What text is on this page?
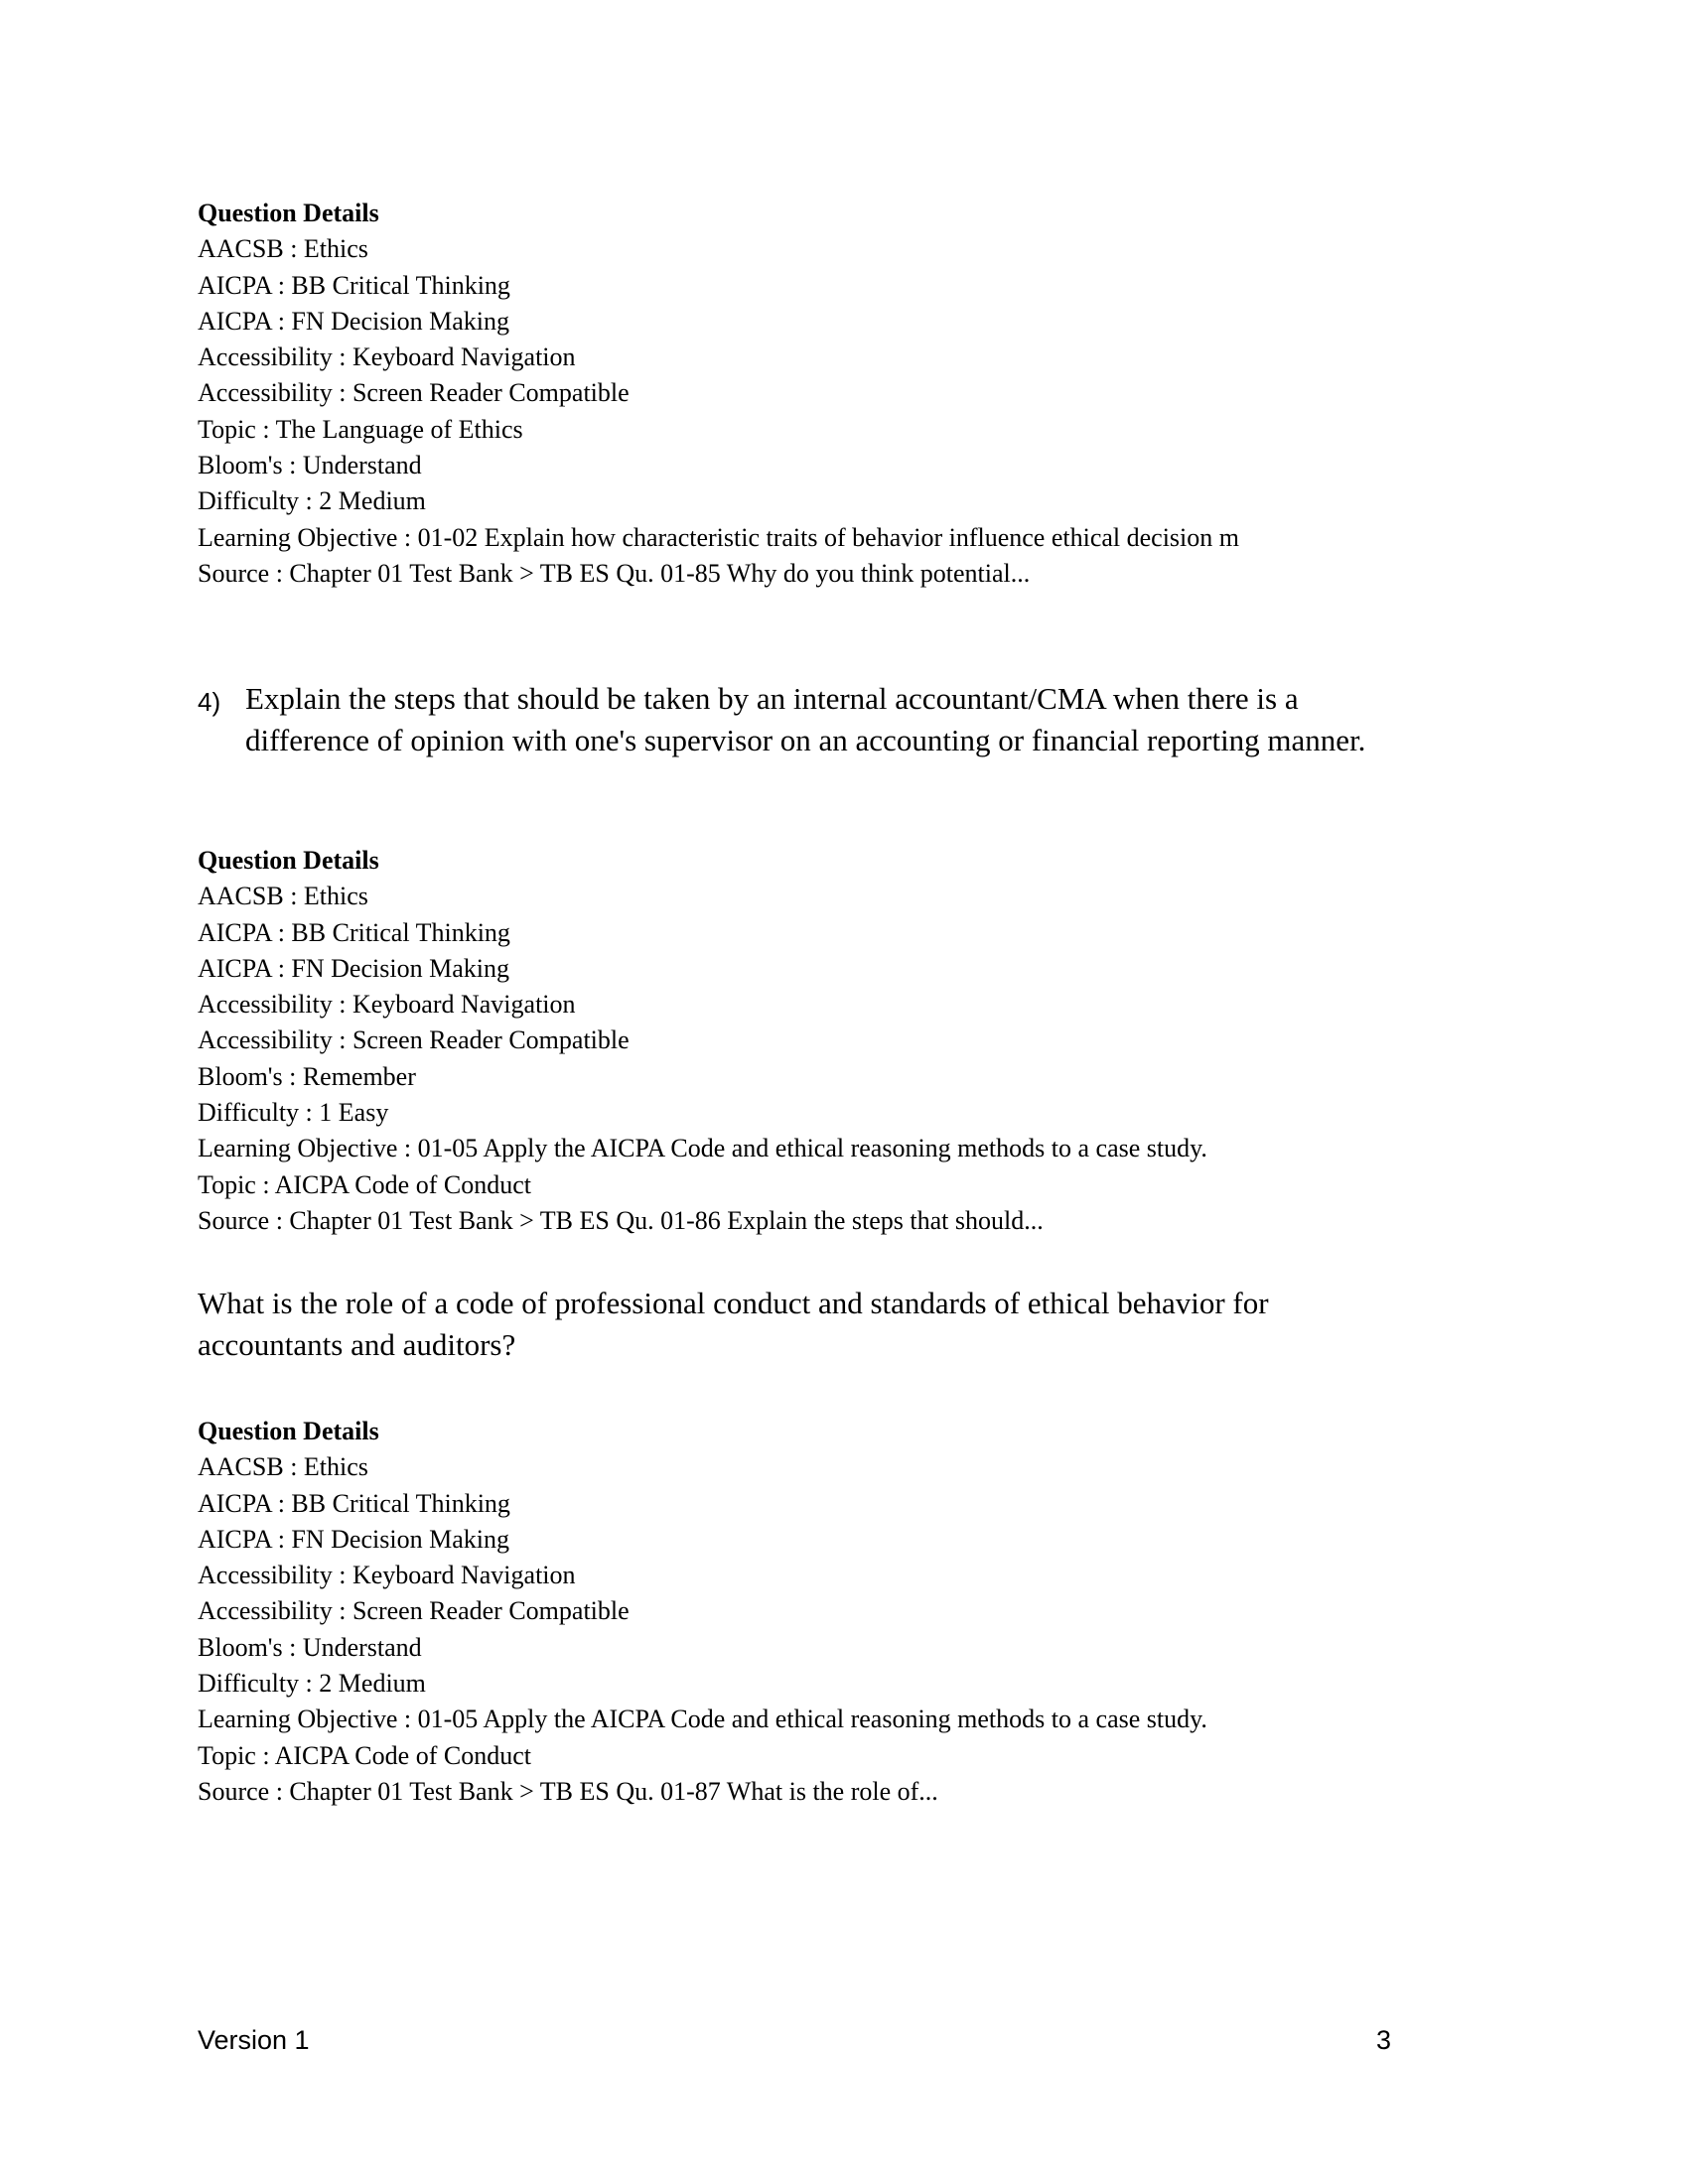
Question Details
AACSB : Ethics
AICPA : BB Critical Thinking
AICPA : FN Decision Making
Accessibility : Keyboard Navigation
Accessibility : Screen Reader Compatible
Topic : The Language of Ethics
Bloom's : Understand
Difficulty : 2 Medium
Learning Objective : 01-02 Explain how characteristic traits of behavior influence ethical decision m
Source : Chapter 01 Test Bank > TB ES Qu. 01-85 Why do you think potential...
4) Explain the steps that should be taken by an internal accountant/CMA when there is a
difference of opinion with one's supervisor on an accounting or financial reporting manner.
Question Details
AACSB : Ethics
AICPA : BB Critical Thinking
AICPA : FN Decision Making
Accessibility : Keyboard Navigation
Accessibility : Screen Reader Compatible
Bloom's : Remember
Difficulty : 1 Easy
Learning Objective : 01-05 Apply the AICPA Code and ethical reasoning methods to a case study.
Topic : AICPA Code of Conduct
Source : Chapter 01 Test Bank > TB ES Qu. 01-86 Explain the steps that should...
What is the role of a code of professional conduct and standards of ethical behavior for
accountants and auditors?
Question Details
AACSB : Ethics
AICPA : BB Critical Thinking
AICPA : FN Decision Making
Accessibility : Keyboard Navigation
Accessibility : Screen Reader Compatible
Bloom's : Understand
Difficulty : 2 Medium
Learning Objective : 01-05 Apply the AICPA Code and ethical reasoning methods to a case study.
Topic : AICPA Code of Conduct
Source : Chapter 01 Test Bank > TB ES Qu. 01-87 What is the role of...
Version 1	3
